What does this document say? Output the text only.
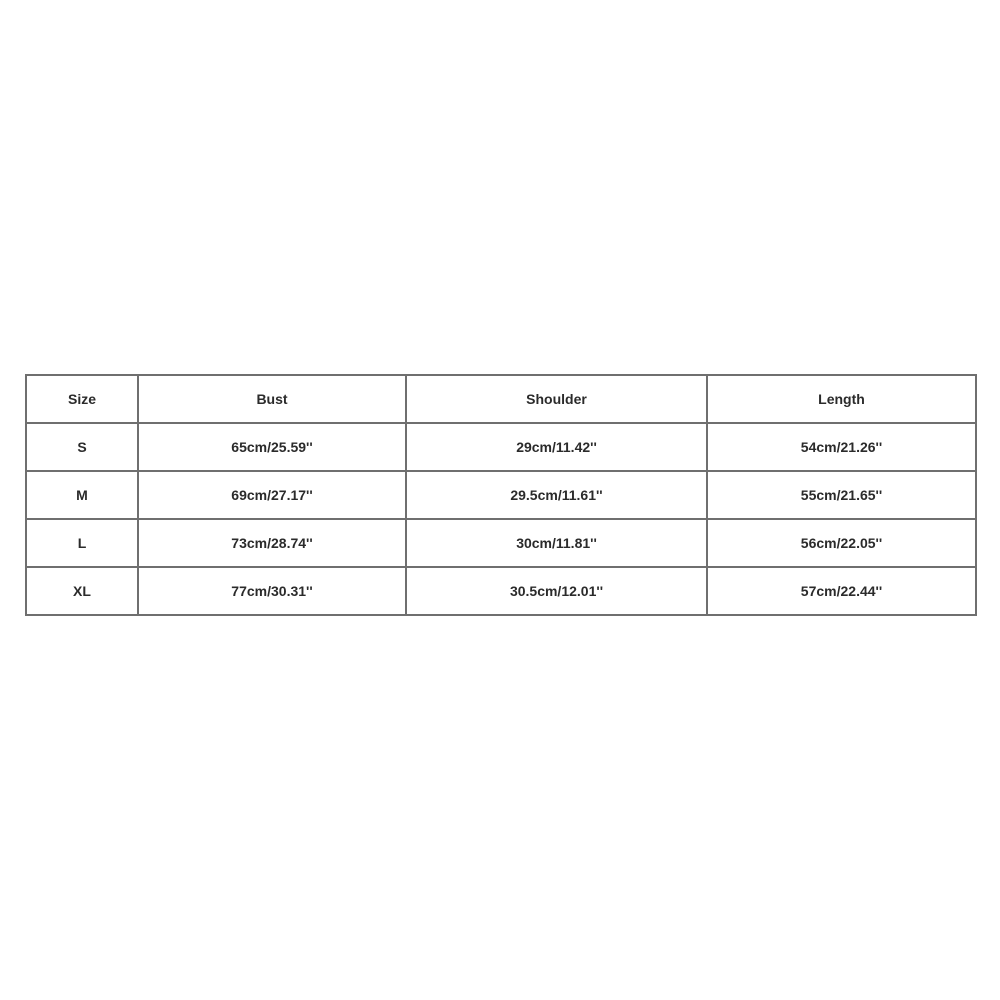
Size	Bust	Shoulder	Length
S	65cm/25.59''	29cm/11.42''	54cm/21.26''
M	69cm/27.17''	29.5cm/11.61''	55cm/21.65''
L	73cm/28.74''	30cm/11.81''	56cm/22.05''
XL	77cm/30.31''	30.5cm/12.01''	57cm/22.44''
